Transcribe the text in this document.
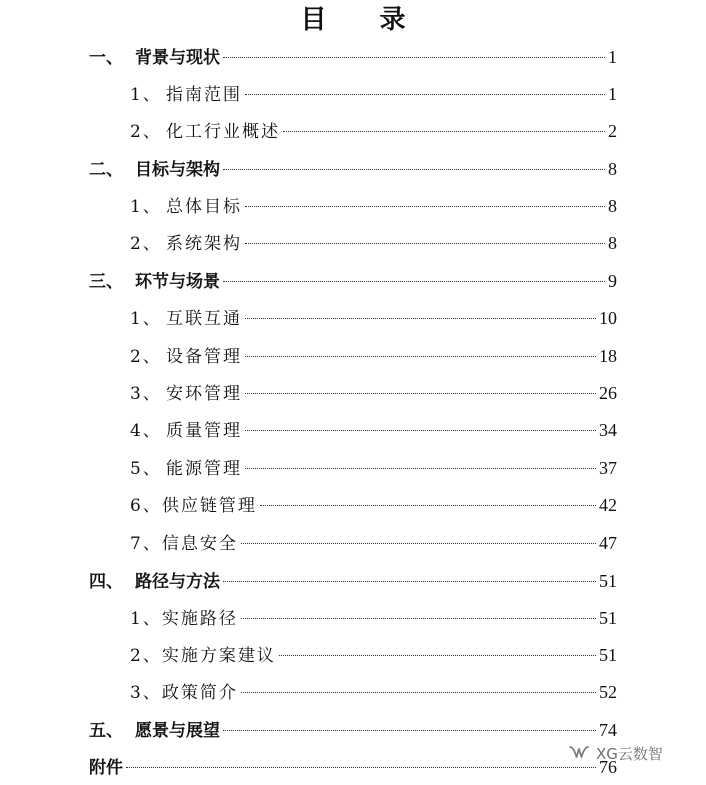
目 录
一、 背景与现状	1
1、 指南范围	1
2、 化工行业概述	2
二、 目标与架构	8
1、 总体目标	8
2、 系统架构	8
三、 环节与场景	9
1、 互联互通	10
2、 设备管理	18
3、 安环管理	26
4、 质量管理	34
5、 能源管理	37
6、 供应链管理	42
7、 信息安全	47
四、 路径与方法	51
1、 实施路径	51
2、 实施方案建议	51
3、 政策简介	52
五、 愿景与展望	74
附件	76
XG云数智
